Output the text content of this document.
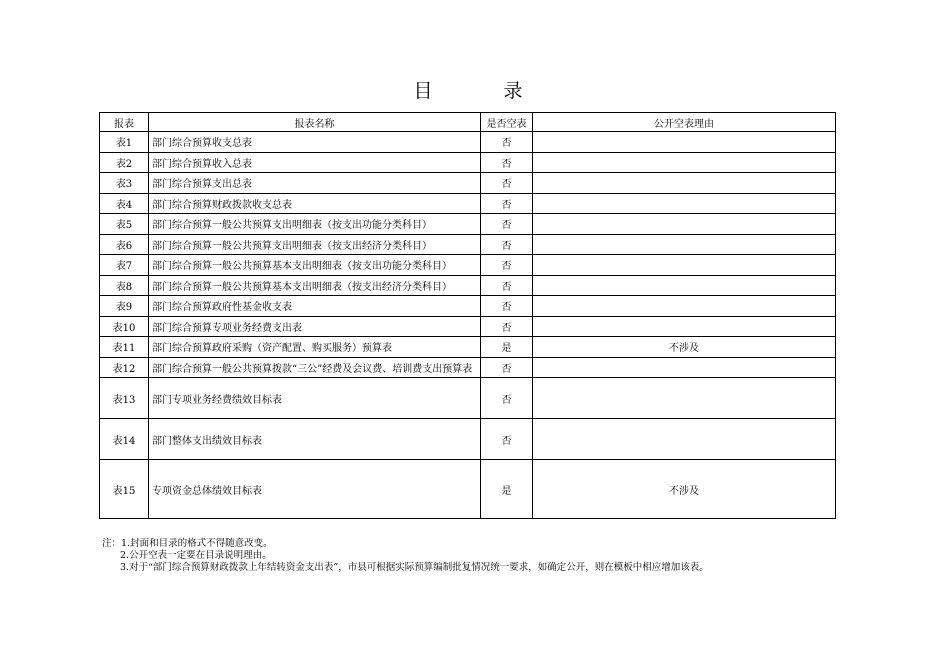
目　录
报表	报表名称	是否空表	公开空表理由
表1	部门综合预算收支总表	否	
表2	部门综合预算收入总表	否	
表3	部门综合预算支出总表	否	
表4	部门综合预算财政拨款收支总表	否	
表5	部门综合预算一般公共预算支出明细表（按支出功能分类科目）	否	
表6	部门综合预算一般公共预算支出明细表（按支出经济分类科目）	否	
表7	部门综合预算一般公共预算基本支出明细表（按支出功能分类科目）	否	
表8	部门综合预算一般公共预算基本支出明细表（按支出经济分类科目）	否	
表9	部门综合预算政府性基金收支表	否	
表10	部门综合预算专项业务经费支出表	否	
表11	部门综合预算政府采购（资产配置、购买服务）预算表	是	不涉及
表12	部门综合预算一般公共预算拨款“三公”经费及会议费、培训费支出预算表	否	
表13	部门专项业务经费绩效目标表	否	
表14	部门整体支出绩效目标表	否	
表15	专项资金总体绩效目标表	是	不涉及
注：1.封面和目录的格式不得随意改变。
2.公开空表一定要在目录说明理由。
3.对于“部门综合预算财政拨款上年结转资金支出表”，市县可根据实际预算编制批复情况统一要求，如确定公开，则在模板中相应增加该表。
